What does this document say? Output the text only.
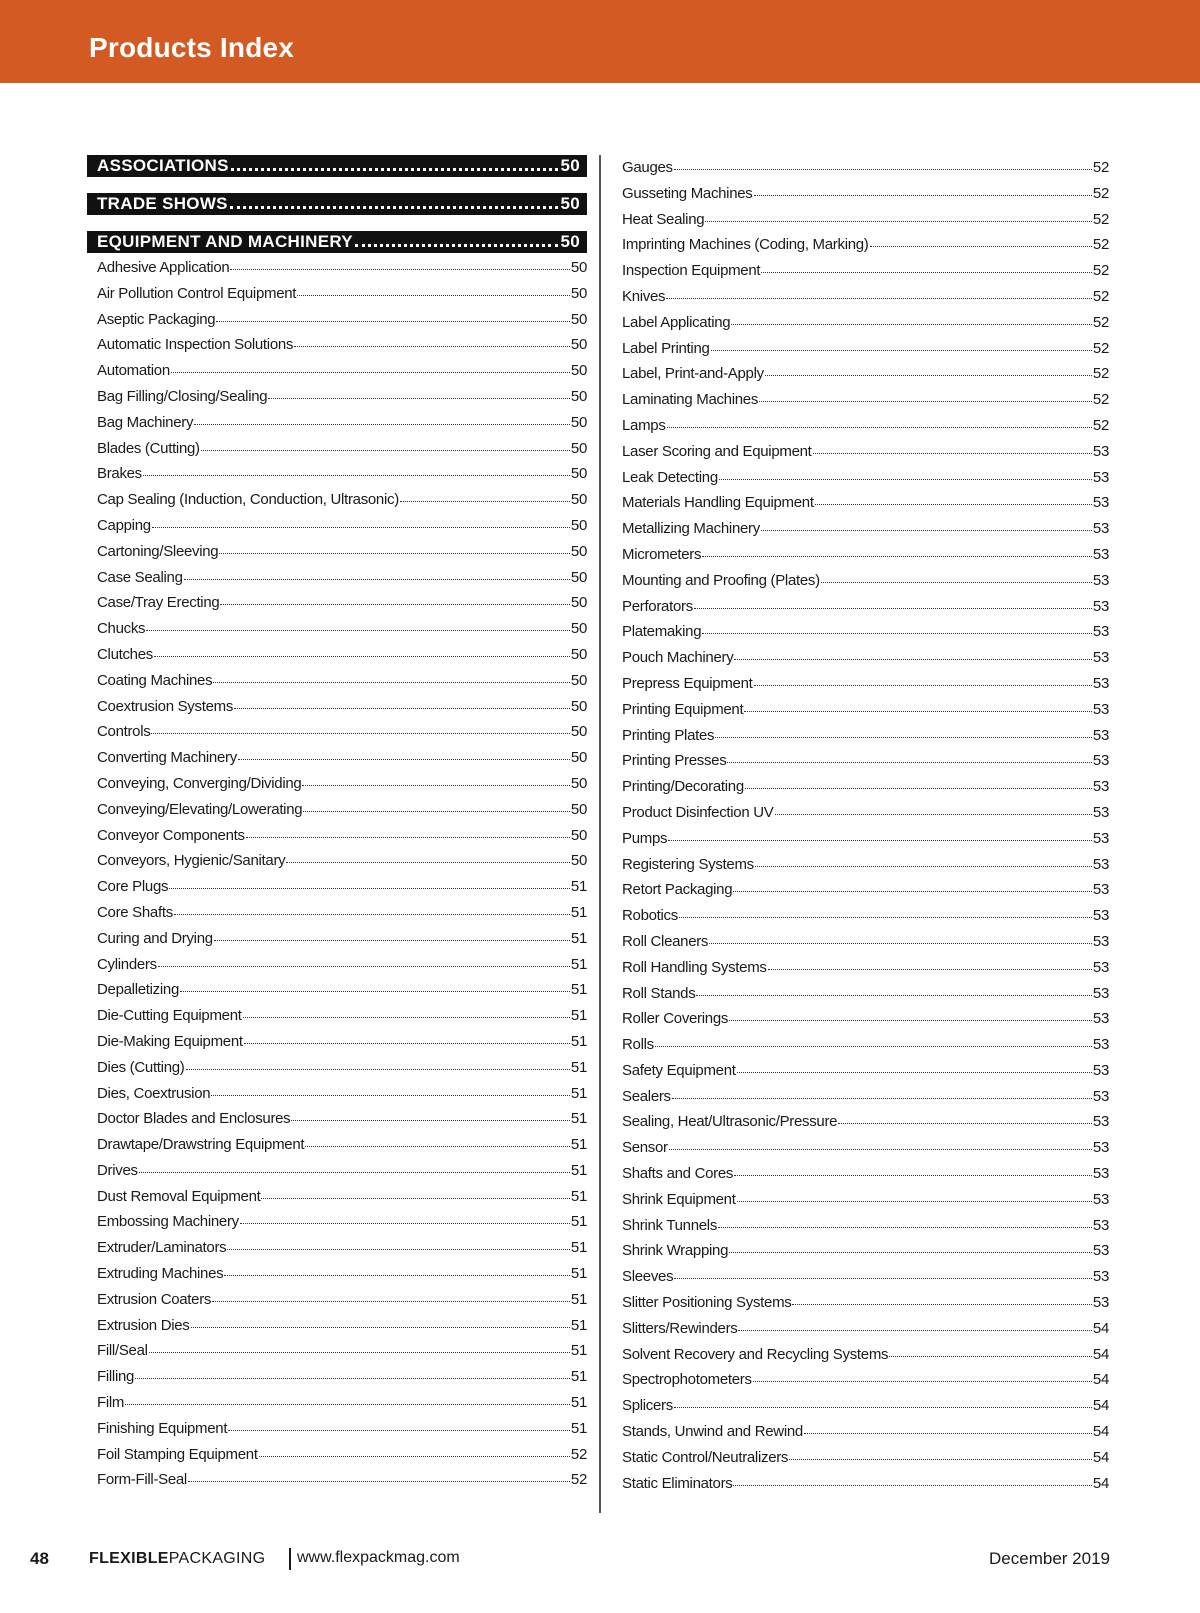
Products Index
ASSOCIATIONS	50
TRADE SHOWS	50
EQUIPMENT AND MACHINERY	50
Adhesive Application	50
Air Pollution Control Equipment	50
Aseptic Packaging	50
Automatic Inspection Solutions	50
Automation	50
Bag Filling/Closing/Sealing	50
Bag Machinery	50
Blades (Cutting)	50
Brakes	50
Cap Sealing (Induction, Conduction, Ultrasonic)	50
Capping	50
Cartoning/Sleeving	50
Case Sealing	50
Case/Tray Erecting	50
Chucks	50
Clutches	50
Coating Machines	50
Coextrusion Systems	50
Controls	50
Converting Machinery	50
Conveying, Converging/Dividing	50
Conveying/Elevating/Lowerating	50
Conveyor Components	50
Conveyors, Hygienic/Sanitary	50
Core Plugs	51
Core Shafts	51
Curing and Drying	51
Cylinders	51
Depalletizing	51
Die-Cutting Equipment	51
Die-Making Equipment	51
Dies (Cutting)	51
Dies, Coextrusion	51
Doctor Blades and Enclosures	51
Drawtape/Drawstring Equipment	51
Drives	51
Dust Removal Equipment	51
Embossing Machinery	51
Extruder/Laminators	51
Extruding Machines	51
Extrusion Coaters	51
Extrusion Dies	51
Fill/Seal	51
Filling	51
Film	51
Finishing Equipment	51
Foil Stamping Equipment	52
Form-Fill-Seal	52
Gauges	52
Gusseting Machines	52
Heat Sealing	52
Imprinting Machines (Coding, Marking)	52
Inspection Equipment	52
Knives	52
Label Applicating	52
Label Printing	52
Label, Print-and-Apply	52
Laminating Machines	52
Lamps	52
Laser Scoring and Equipment	53
Leak Detecting	53
Materials Handling Equipment	53
Metallizing Machinery	53
Micrometers	53
Mounting and Proofing (Plates)	53
Perforators	53
Platemaking	53
Pouch Machinery	53
Prepress Equipment	53
Printing Equipment	53
Printing Plates	53
Printing Presses	53
Printing/Decorating	53
Product Disinfection UV	53
Pumps	53
Registering Systems	53
Retort Packaging	53
Robotics	53
Roll Cleaners	53
Roll Handling Systems	53
Roll Stands	53
Roller Coverings	53
Rolls	53
Safety Equipment	53
Sealers	53
Sealing, Heat/Ultrasonic/Pressure	53
Sensor	53
Shafts and Cores	53
Shrink Equipment	53
Shrink Tunnels	53
Shrink Wrapping	53
Sleeves	53
Slitter Positioning Systems	53
Slitters/Rewinders	54
Solvent Recovery and Recycling Systems	54
Spectrophotometers	54
Splicers	54
Stands, Unwind and Rewind	54
Static Control/Neutralizers	54
Static Eliminators	54
48	FLEXIBLEPACKAGING www.flexpackmag.com	December 2019
